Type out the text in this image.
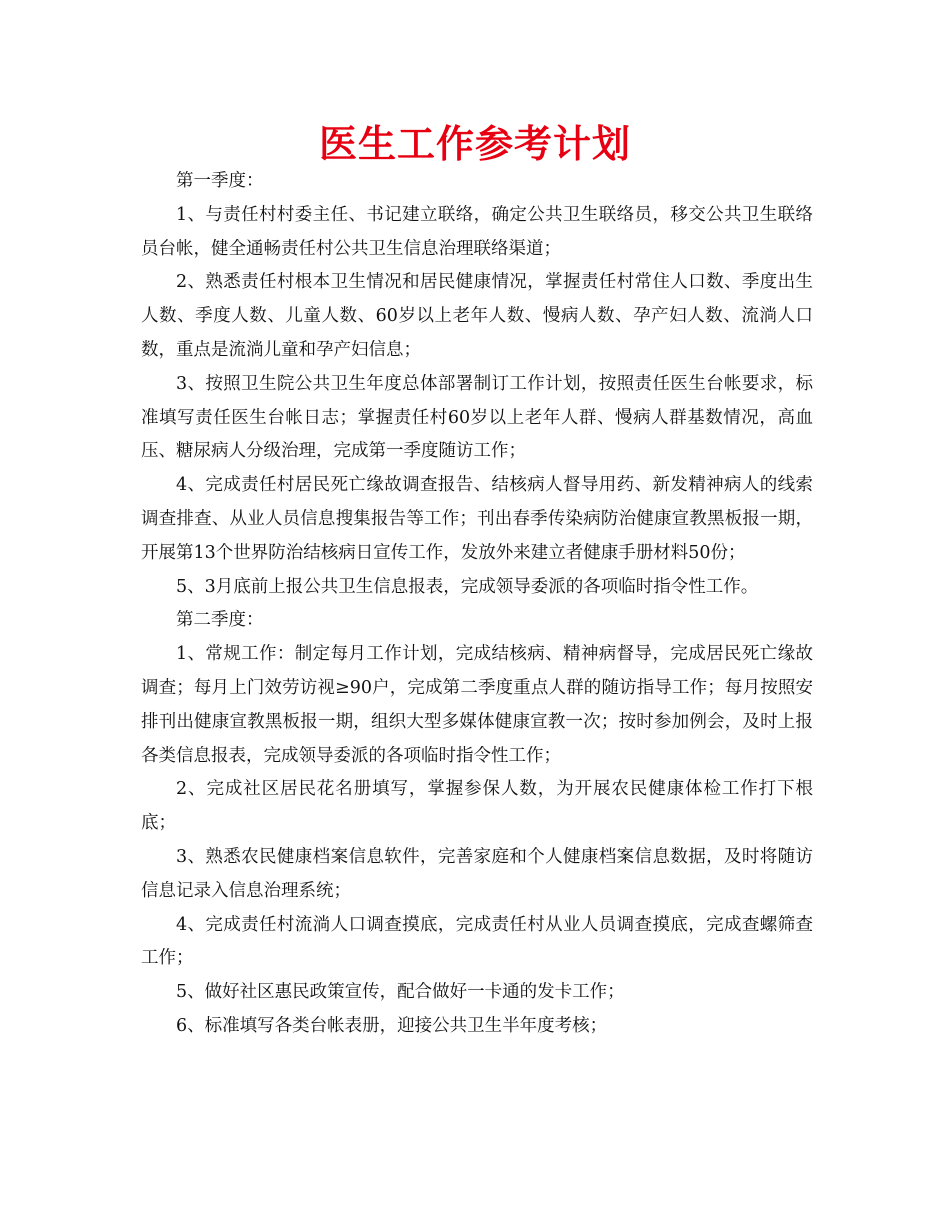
医生工作参考计划

第一季度：

1、与责任村村委主任、书记建立联络，确定公共卫生联络员，移交公共卫生联络员台帐，健全通畅责任村公共卫生信息治理联络渠道；

2、熟悉责任村根本卫生情况和居民健康情况，掌握责任村常住人口数、季度出生人数、季度人数、儿童人数、60岁以上老年人数、慢病人数、孕产妇人数、流淌人口数，重点是流淌儿童和孕产妇信息；

3、按照卫生院公共卫生年度总体部署制订工作计划，按照责任医生台帐要求，标准填写责任医生台帐日志；掌握责任村60岁以上老年人群、慢病人群基数情况，高血压、糖尿病人分级治理，完成第一季度随访工作；

4、完成责任村居民死亡缘故调查报告、结核病人督导用药、新发精神病人的线索调查排查、从业人员信息搜集报告等工作；刊出春季传染病防治健康宣教黑板报一期，开展第13个世界防治结核病日宣传工作，发放外来建立者健康手册材料50份；

5、3月底前上报公共卫生信息报表，完成领导委派的各项临时指令性工作。

第二季度：

1、常规工作：制定每月工作计划，完成结核病、精神病督导，完成居民死亡缘故调查；每月上门效劳访视≥90户，完成第二季度重点人群的随访指导工作；每月按照安排刊出健康宣教黑板报一期，组织大型多媒体健康宣教一次；按时参加例会，及时上报各类信息报表，完成领导委派的各项临时指令性工作；

2、完成社区居民花名册填写，掌握参保人数，为开展农民健康体检工作打下根底；

3、熟悉农民健康档案信息软件，完善家庭和个人健康档案信息数据，及时将随访信息记录入信息治理系统；

4、完成责任村流淌人口调查摸底，完成责任村从业人员调查摸底，完成查螺筛查工作；

5、做好社区惠民政策宣传，配合做好一卡通的发卡工作；

6、标准填写各类台帐表册，迎接公共卫生半年度考核；
